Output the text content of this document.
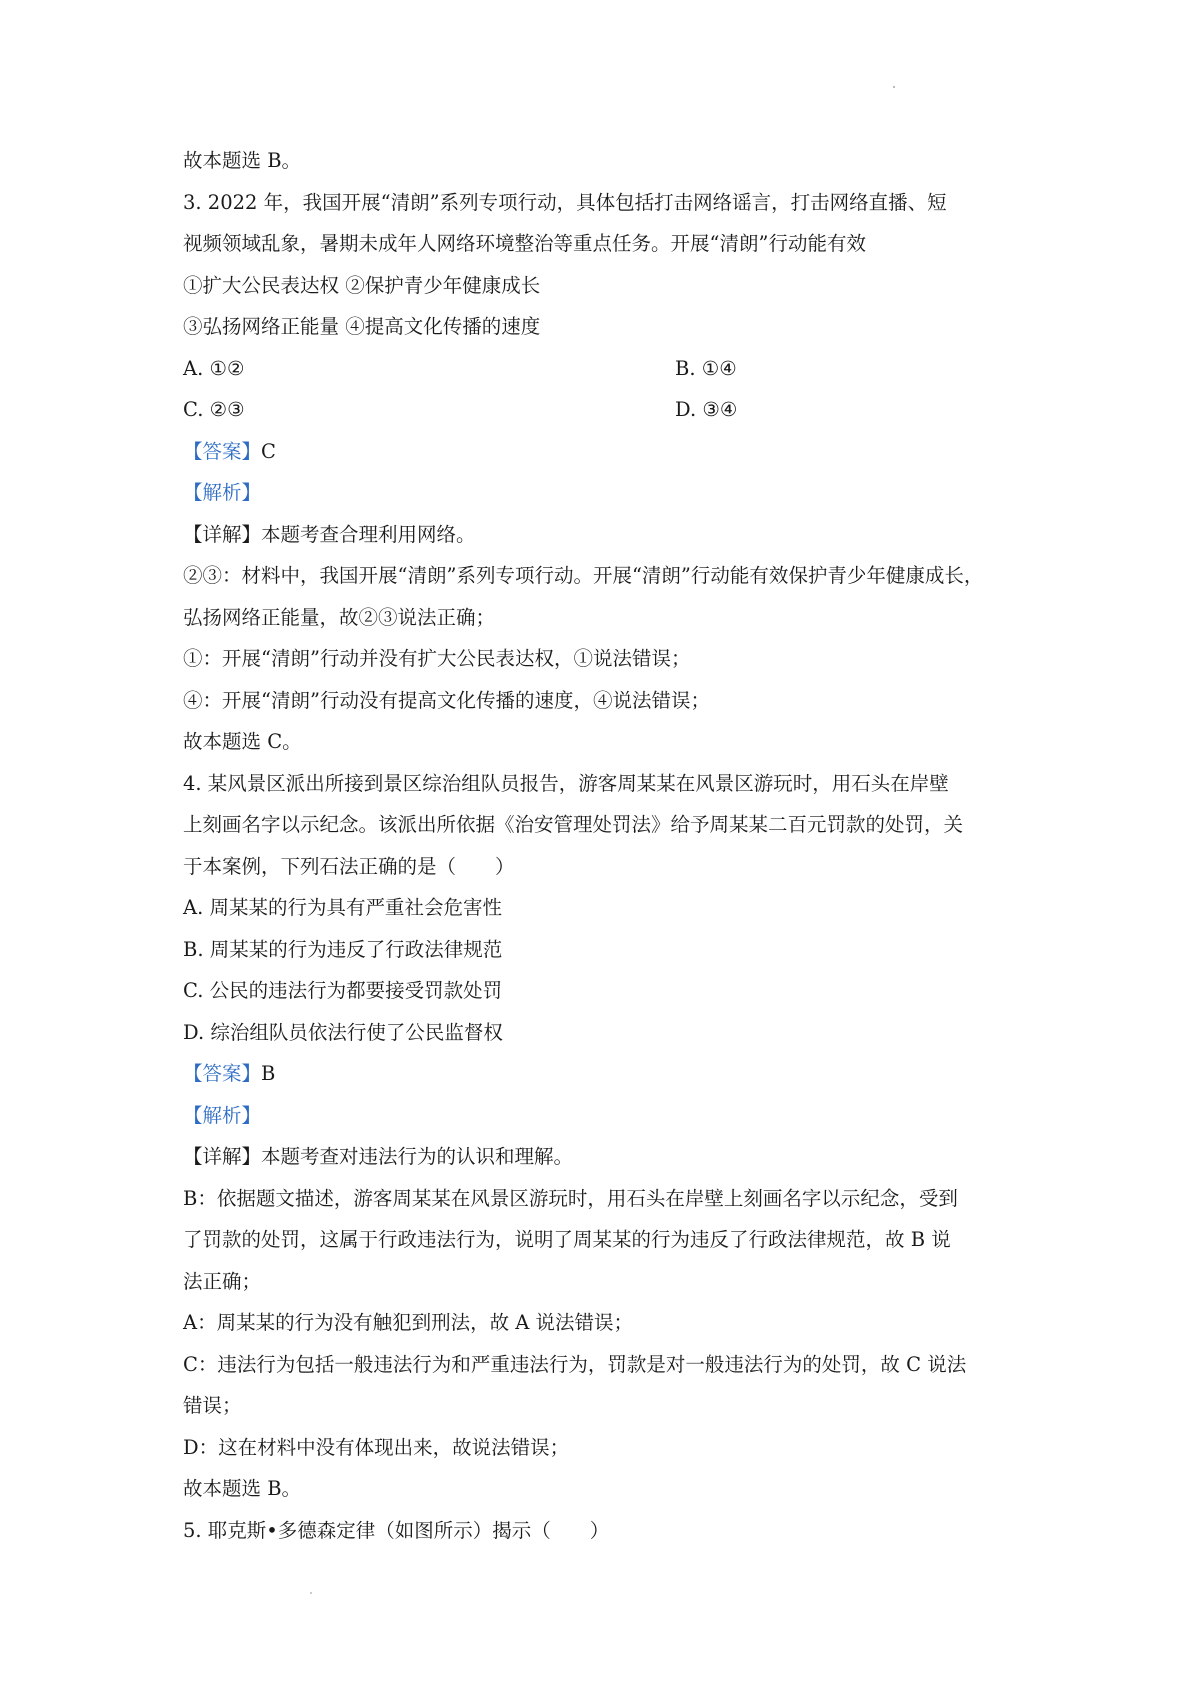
故本题选 B。
3. 2022 年，我国开展“清朗”系列专项行动，具体包括打击网络谣言，打击网络直播、短
视频领域乱象，暑期未成年人网络环境整治等重点任务。开展“清朗”行动能有效
①扩大公民表达权 ②保护青少年健康成长
③弘扬网络正能量 ④提高文化传播的速度
A. ①②	B. ①④
C. ②③	D. ③④
【答案】C
【解析】
【详解】本题考查合理利用网络。
②③：材料中，我国开展“清朗”系列专项行动。开展“清朗”行动能有效保护青少年健康成长，
弘扬网络正能量，故②③说法正确；
①：开展“清朗”行动并没有扩大公民表达权，①说法错误；
④：开展“清朗”行动没有提高文化传播的速度，④说法错误；
故本题选 C。
4. 某风景区派出所接到景区综治组队员报告，游客周某某在风景区游玩时，用石头在岸壁
上刻画名字以示纪念。该派出所依据《治安管理处罚法》给予周某某二百元罚款的处罚，关
于本案例，下列石法正确的是（　　）
A. 周某某的行为具有严重社会危害性
B. 周某某的行为违反了行政法律规范
C. 公民的违法行为都要接受罚款处罚
D. 综治组队员依法行使了公民监督权
【答案】B
【解析】
【详解】本题考查对违法行为的认识和理解。
B：依据题文描述，游客周某某在风景区游玩时，用石头在岸壁上刻画名字以示纪念，受到
了罚款的处罚，这属于行政违法行为，说明了周某某的行为违反了行政法律规范，故 B 说
法正确；
A：周某某的行为没有触犯到刑法，故 A 说法错误；
C：违法行为包括一般违法行为和严重违法行为，罚款是对一般违法行为的处罚，故 C 说法
错误；
D：这在材料中没有体现出来，故说法错误；
故本题选 B。
5. 耶克斯•多德森定律（如图所示）揭示（　　）
